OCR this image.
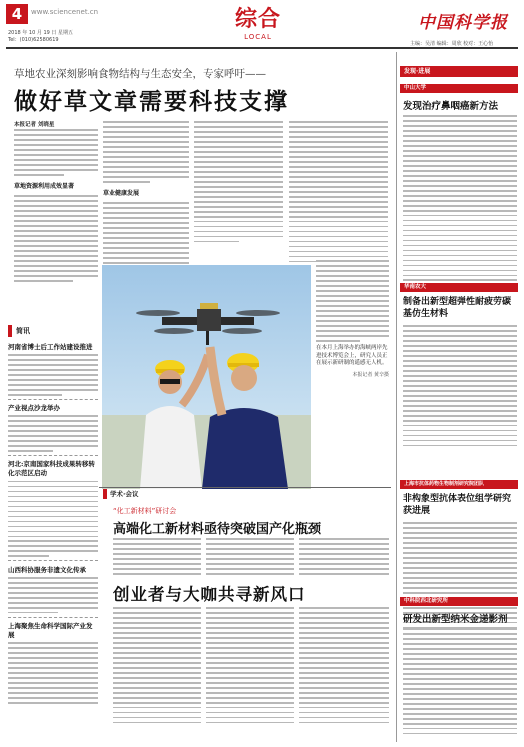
4	www.sciencenet.cn
2018 年 10 月 19 日 星期五
Tel：(010)62580619
综合
LOCAL
中国科学报
主编：吴清 编辑：周欣 校对：王心怡
草地农业深刻影响食物结构与生态安全，专家呼吁——
做好草文章需要科技支撑
本报记者 刘晓星
草地资源利用成效显著
草业健康发展
简讯
河南省博士后工作站建设推进
产业视点沙龙举办
河北:京南国家科技成果转移转化示范区启动
山西科协服务非遗文化传承
上海聚焦生命科学国际产业发展
在本月上海举办的海峡两岸先进技术博览会上，研究人员正在展示新研制的遥感无人机。
本报记者 黄辛摄
学术·会议
“化工新材料”研讨会
高端化工新材料亟待突破国产化瓶颈
创业者与大咖共寻新风口
发现·进展
中山大学
发现治疗鼻咽癌新方法
华南农大
制备出新型超弹性耐疲劳碳基仿生材料
上海市抗体药物生物制剂研究院团队
非构象型抗体表位组学研究获进展
中科院西北研究所
研发出新型纳米金递影剂
